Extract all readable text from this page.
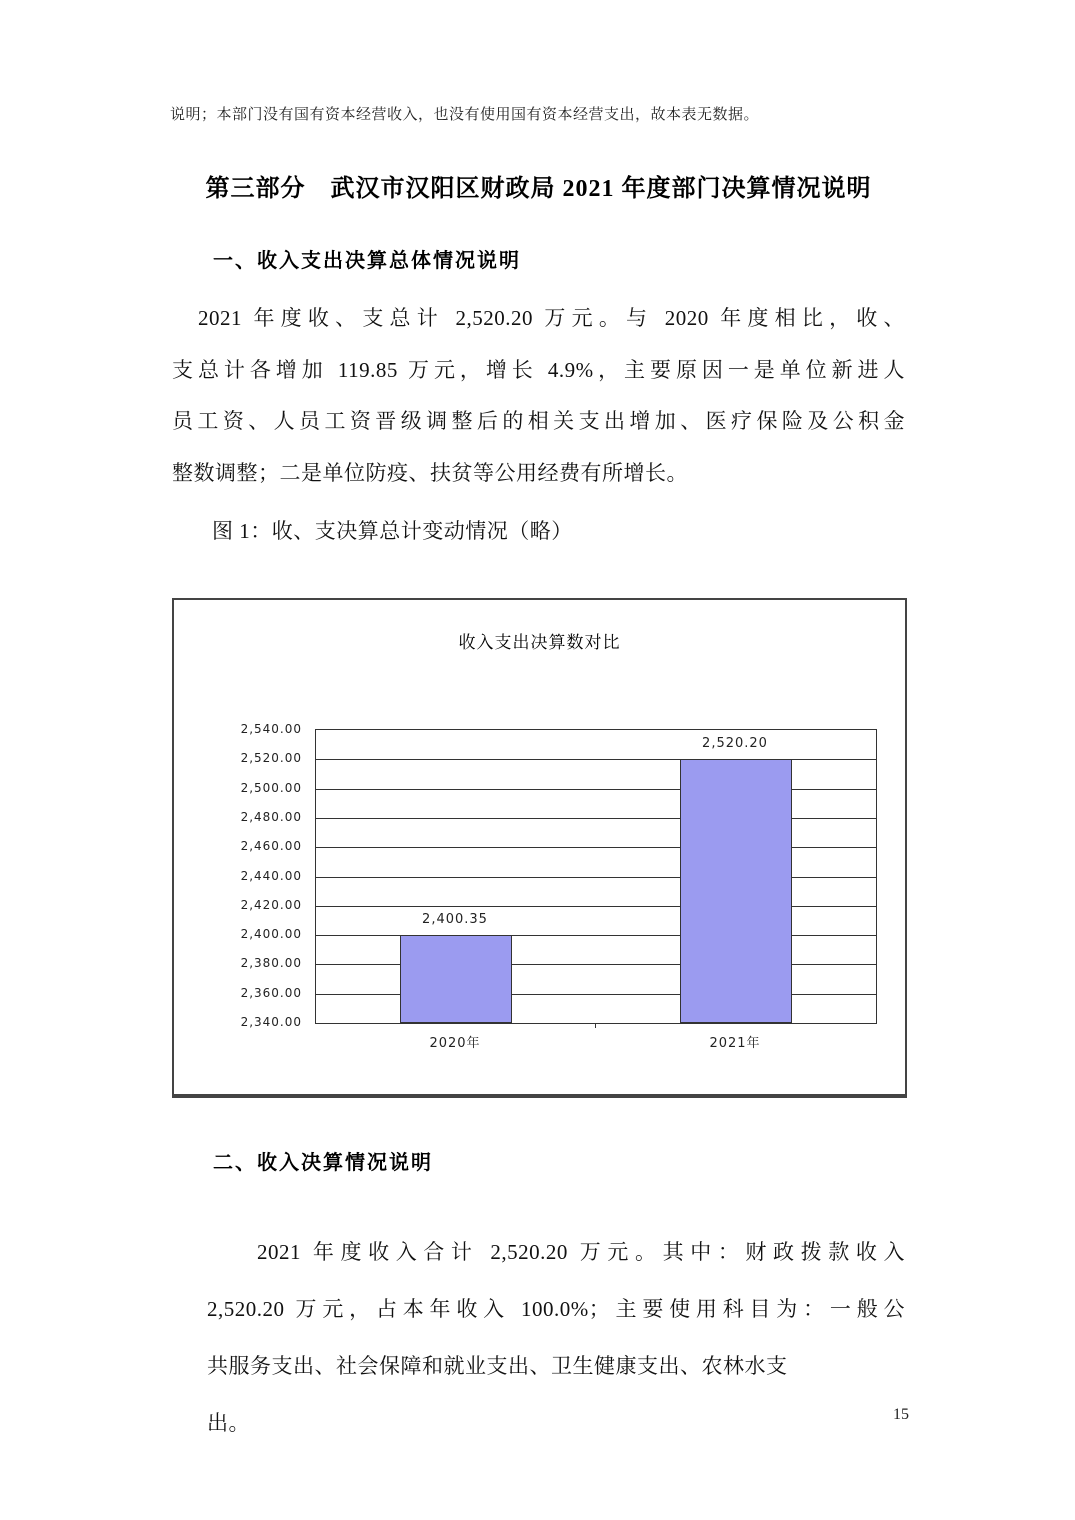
说明；本部门没有国有资本经营收入，也没有使用国有资本经营支出，故本表无数据。
第三部分　武汉市汉阳区财政局 2021 年度部门决算情况说明
一、收入支出决算总体情况说明
2021 年度收、支总计 2,520.20 万元。与 2020 年度相比，收、
支总计各增加 119.85 万元，增长 4.9%，主要原因一是单位新进人
员工资、人员工资晋级调整后的相关支出增加、医疗保险及公积金
整数调整；二是单位防疫、扶贫等公用经费有所增长。
图 1：收、支决算总计变动情况（略）
收入支出决算数对比
2,540.00
2,520.00
2,500.00
2,480.00
2,460.00
2,440.00
2,420.00
2,400.00
2,380.00
2,360.00
2,340.00
2,400.35
2020年
2,520.20
2021年
二、收入决算情况说明
2021 年度收入合计 2,520.20 万元。其中：财政拨款收入
2,520.20 万元，占本年收入 100.0%；主要使用科目为：一般公
共服务支出、社会保障和就业支出、卫生健康支出、农林水支
出。	15
